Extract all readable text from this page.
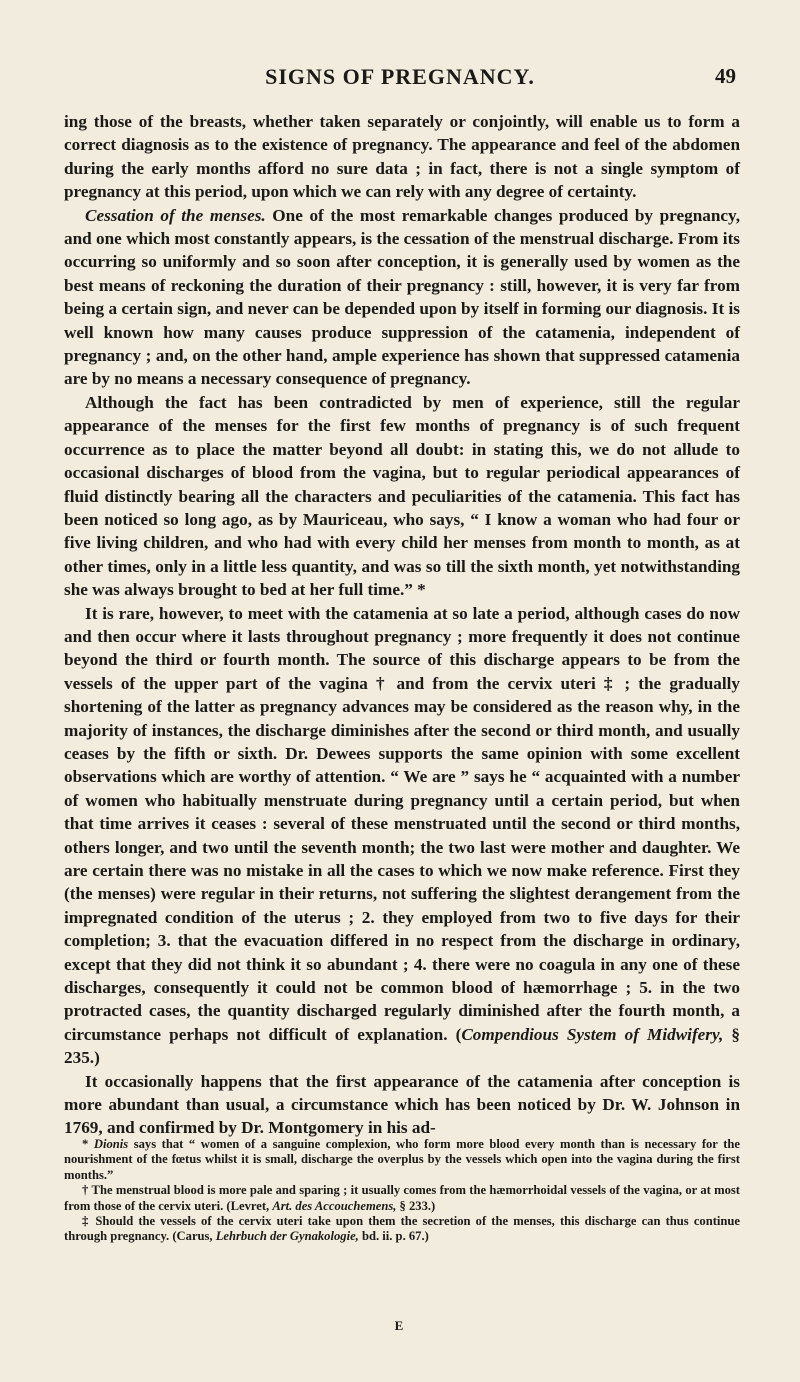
SIGNS OF PREGNANCY.	49

ing those of the breasts, whether taken separately or conjointly, will enable us to form a correct diagnosis as to the existence of pregnancy. The appearance and feel of the abdomen during the early months afford no sure data ; in fact, there is not a single symptom of pregnancy at this period, upon which we can rely with any degree of certainty.

Cessation of the menses. One of the most remarkable changes produced by pregnancy, and one which most constantly appears, is the cessation of the menstrual discharge. From its occurring so uniformly and so soon after conception, it is generally used by women as the best means of reckoning the duration of their pregnancy : still, however, it is very far from being a certain sign, and never can be depended upon by itself in forming our diagnosis. It is well known how many causes produce suppression of the catamenia, independent of pregnancy ; and, on the other hand, ample experience has shown that suppressed catamenia are by no means a necessary consequence of pregnancy.

Although the fact has been contradicted by men of experience, still the regular appearance of the menses for the first few months of pregnancy is of such frequent occurrence as to place the matter beyond all doubt: in stating this, we do not allude to occasional discharges of blood from the vagina, but to regular periodical appearances of fluid distinctly bearing all the characters and peculiarities of the catamenia. This fact has been noticed so long ago, as by Mauriceau, who says, “ I know a woman who had four or five living children, and who had with every child her menses from month to month, as at other times, only in a little less quantity, and was so till the sixth month, yet notwithstanding she was always brought to bed at her full time.” *

It is rare, however, to meet with the catamenia at so late a period, although cases do now and then occur where it lasts throughout pregnancy ; more frequently it does not continue beyond the third or fourth month. The source of this discharge appears to be from the vessels of the upper part of the vagina † and from the cervix uteri ‡ ; the gradually shortening of the latter as pregnancy advances may be considered as the reason why, in the majority of instances, the discharge diminishes after the second or third month, and usually ceases by the fifth or sixth. Dr. Dewees supports the same opinion with some excellent observations which are worthy of attention. “ We are ” says he “ acquainted with a number of women who habitually menstruate during pregnancy until a certain period, but when that time arrives it ceases : several of these menstruated until the second or third months, others longer, and two until the seventh month; the two last were mother and daughter. We are certain there was no mistake in all the cases to which we now make reference. First they (the menses) were regular in their returns, not suffering the slightest derangement from the impregnated condition of the uterus ; 2. they employed from two to five days for their completion; 3. that the evacuation differed in no respect from the discharge in ordinary, except that they did not think it so abundant ; 4. there were no coagula in any one of these discharges, consequently it could not be common blood of hæmorrhage ; 5. in the two protracted cases, the quantity discharged regularly diminished after the fourth month, a circumstance perhaps not difficult of explanation. (Compendious System of Midwifery, § 235.)

It occasionally happens that the first appearance of the catamenia after conception is more abundant than usual, a circumstance which has been noticed by Dr. W. Johnson in 1769, and confirmed by Dr. Montgomery in his ad-

* Dionis says that “ women of a sanguine complexion, who form more blood every month than is necessary for the nourishment of the fœtus whilst it is small, discharge the overplus by the vessels which open into the vagina during the first months.”

† The menstrual blood is more pale and sparing ; it usually comes from the hæmorrhoidal vessels of the vagina, or at most from those of the cervix uteri. (Levret, Art. des Accouchemens, § 233.)

‡ Should the vessels of the cervix uteri take upon them the secretion of the menses, this discharge can thus continue through pregnancy. (Carus, Lehrbuch der Gynakologie, bd. ii. p. 67.)

E
